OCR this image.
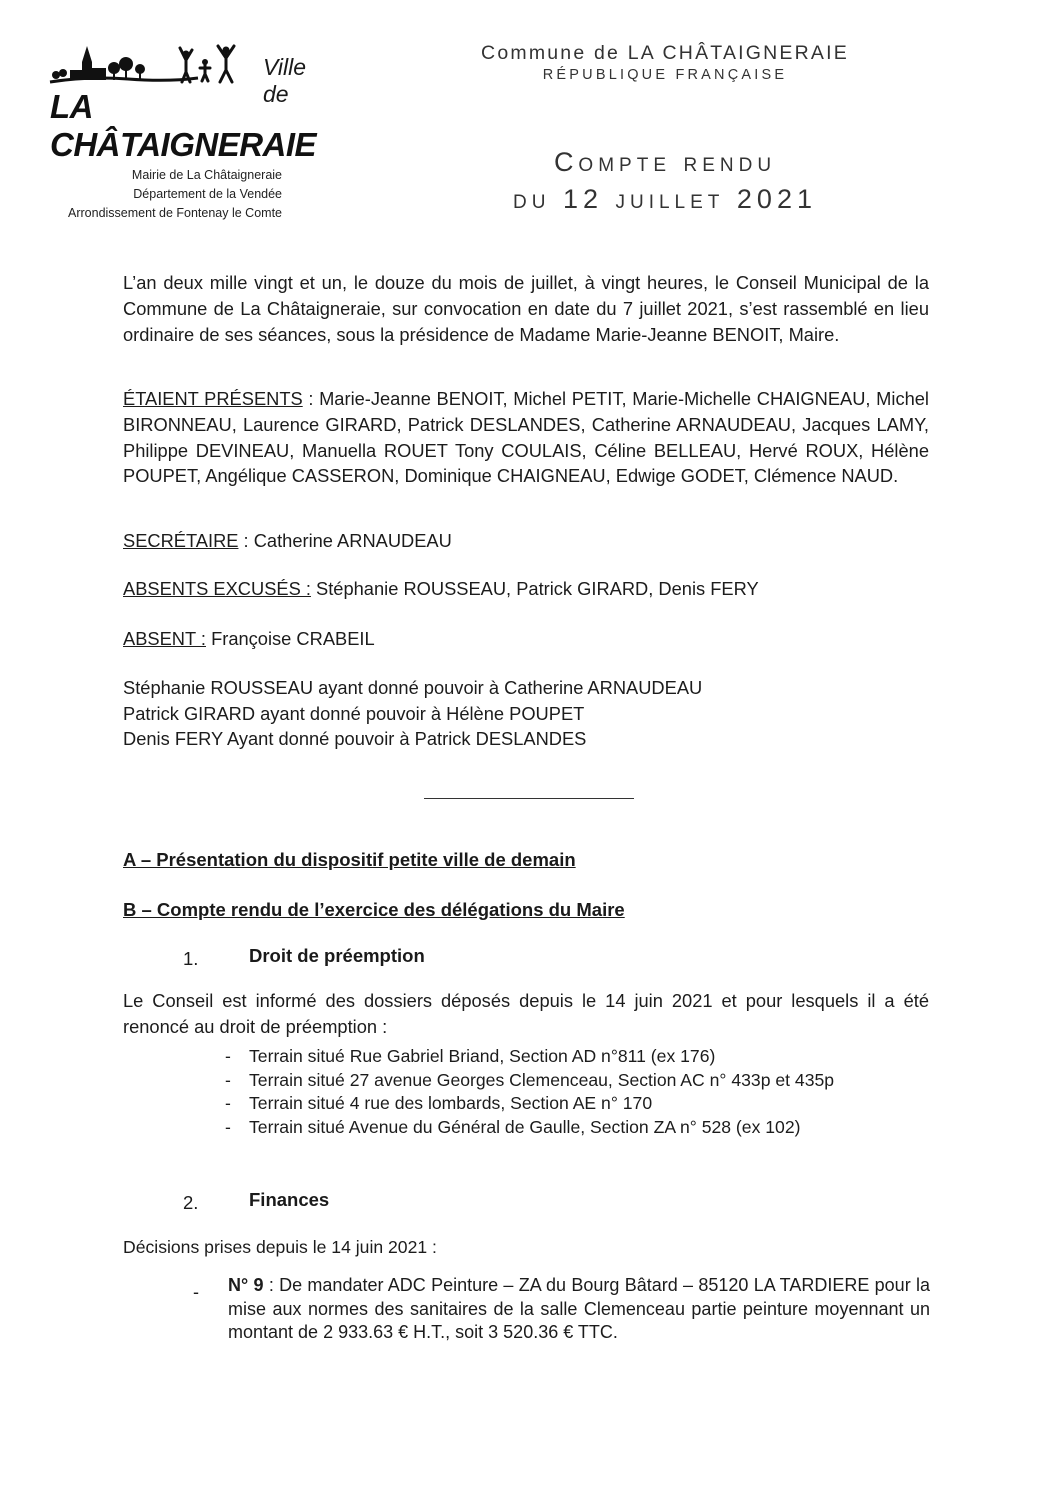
Ville de
LA CHÂTAIGNERAIE
Mairie de La Châtaigneraie
Département de la Vendée
Arrondissement de Fontenay le Comte
Commune de LA CHÂTAIGNERAIE
RÉPUBLIQUE FRANÇAISE
Compte rendu
du 12 juillet 2021
L’an deux mille vingt et un, le douze du mois de juillet, à vingt heures, le Conseil Municipal de la Commune de La Châtaigneraie, sur convocation en date du 7 juillet 2021, s’est rassemblé en lieu ordinaire de ses séances, sous la présidence de Madame Marie-Jeanne BENOIT, Maire.
ÉTAIENT PRÉSENTS : Marie-Jeanne BENOIT, Michel PETIT, Marie-Michelle CHAIGNEAU, Michel BIRONNEAU, Laurence GIRARD, Patrick DESLANDES, Catherine ARNAUDEAU, Jacques LAMY, Philippe DEVINEAU, Manuella ROUET Tony COULAIS, Céline BELLEAU, Hervé ROUX, Hélène POUPET, Angélique CASSERON, Dominique CHAIGNEAU, Edwige GODET, Clémence NAUD.
SECRÉTAIRE : Catherine ARNAUDEAU
ABSENTS EXCUSÉS : Stéphanie ROUSSEAU, Patrick GIRARD, Denis FERY
ABSENT : Françoise CRABEIL
Stéphanie ROUSSEAU ayant donné pouvoir à Catherine ARNAUDEAU
Patrick GIRARD ayant donné pouvoir à Hélène POUPET
Denis FERY Ayant donné pouvoir à Patrick DESLANDES
A – Présentation du dispositif petite ville de demain
B – Compte rendu de l’exercice des délégations du Maire
1.	Droit de préemption
Le Conseil est informé des dossiers déposés depuis le 14 juin 2021 et pour lesquels il a été renoncé au droit de préemption :
- Terrain situé Rue Gabriel Briand, Section AD n°811 (ex 176)
- Terrain situé 27 avenue Georges Clemenceau, Section AC n° 433p et 435p
- Terrain situé 4 rue des lombards, Section AE n° 170
- Terrain situé Avenue du Général de Gaulle, Section ZA n° 528 (ex 102)
2.	Finances
Décisions prises depuis le 14 juin 2021 :
- N° 9 : De mandater ADC Peinture – ZA du Bourg Bâtard – 85120 LA TARDIERE pour la mise aux normes des sanitaires de la salle Clemenceau partie peinture moyennant un montant de 2 933.63 € H.T., soit 3 520.36 € TTC.
